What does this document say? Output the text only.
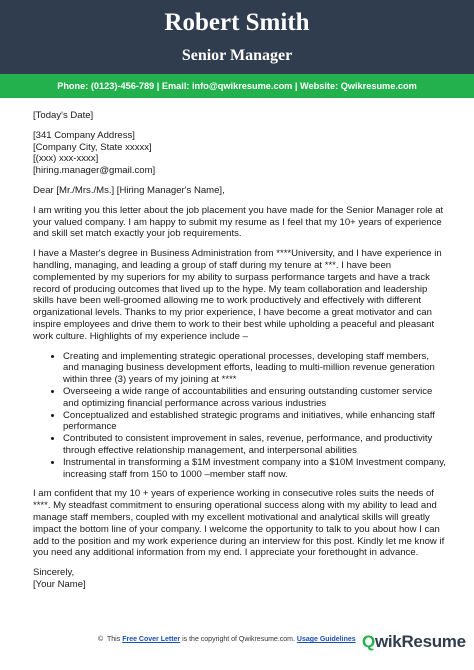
Robert Smith
Senior Manager
Phone: (0123)-456-789 | Email: info@qwikresume.com | Website: Qwikresume.com

[Today's Date]

[341 Company Address]
[Company City, State xxxxx]
[(xxx) xxx-xxxx]
[hiring.manager@gmail.com]

Dear [Mr./Mrs./Ms.] [Hiring Manager's Name],

I am writing you this letter about the job placement you have made for the Senior Manager role at your valued company. I am happy to submit my resume as I feel that my 10+ years of experience and skill set match exactly your job requirements.

I have a Master's degree in Business Administration from ****University, and I have experience in handling, managing, and leading a group of staff during my tenure at ***. I have been complemented by my superiors for my ability to surpass performance targets and have a track record of producing outcomes that lived up to the hype. My team collaboration and leadership skills have been well-groomed allowing me to work productively and effectively with different organizational levels. Thanks to my prior experience, I have become a great motivator and can inspire employees and drive them to work to their best while upholding a peaceful and pleasant work culture. Highlights of my experience include –

• Creating and implementing strategic operational processes, developing staff members, and managing business development efforts, leading to multi-million revenue generation within three (3) years of my joining at ****
• Overseeing a wide range of accountabilities and ensuring outstanding customer service and optimizing financial performance across various industries
• Conceptualized and established strategic programs and initiatives, while enhancing staff performance
• Contributed to consistent improvement in sales, revenue, performance, and productivity through effective relationship management, and interpersonal abilities
• Instrumental in transforming a $1M investment company into a $10M Investment company, increasing staff from 150 to 1000 –member staff now.

I am confident that my 10 + years of experience working in consecutive roles suits the needs of ****. My steadfast commitment to ensuring operational success along with my ability to lead and manage staff members, coupled with my excellent motivational and analytical skills will greatly impact the bottom line of your company. I welcome the opportunity to talk to you about how I can add to the position and my work experience during an interview for this post. Kindly let me know if you need any additional information from my end. I appreciate your forethought in advance.

Sincerely,
[Your Name]

© This Free Cover Letter is the copyright of Qwikresume.com. Usage Guidelines QwikResume
